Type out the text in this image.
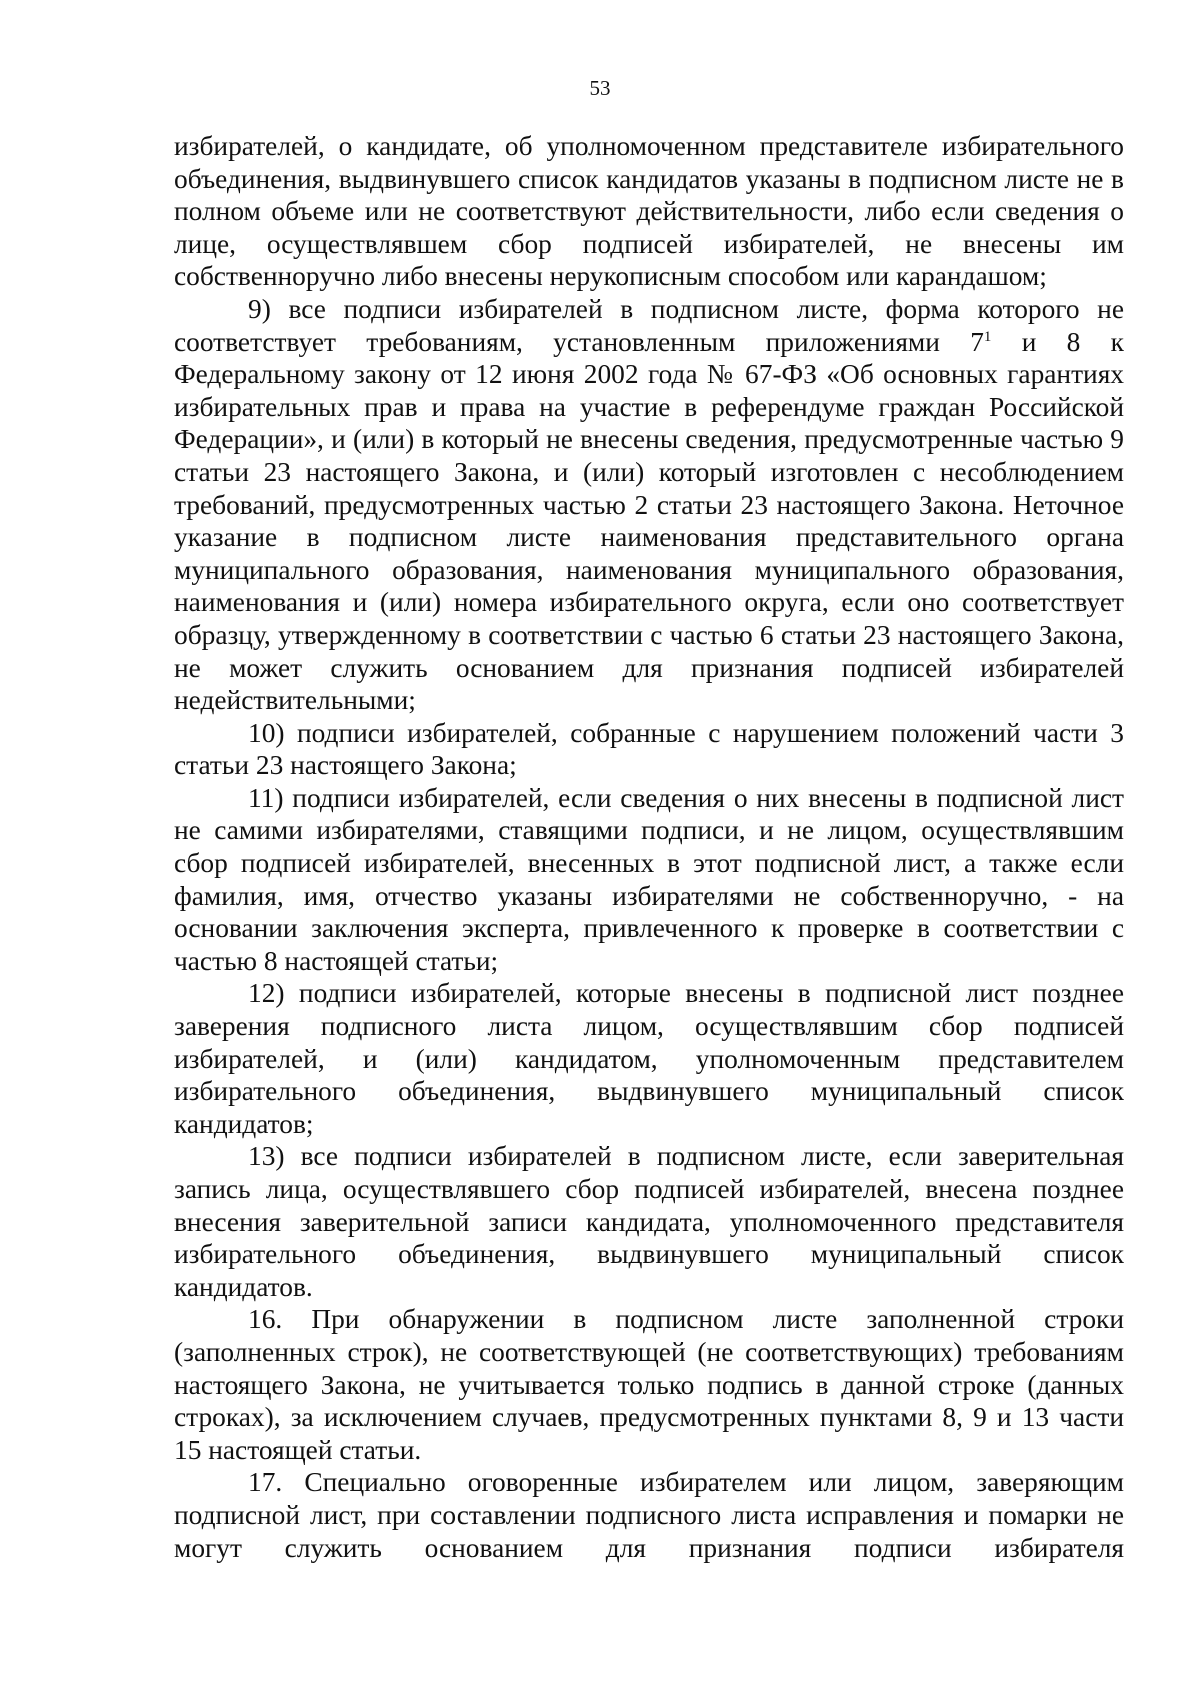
53

избирателей, о кандидате, об уполномоченном представителе избирательного объединения, выдвинувшего список кандидатов указаны в подписном листе не в полном объеме или не соответствуют действительности, либо если сведения о лице, осуществлявшем сбор подписей избирателей, не внесены им собственноручно либо внесены нерукописным способом или карандашом;

9) все подписи избирателей в подписном листе, форма которого не соответствует требованиям, установленным приложениями $7^1$ и 8 к Федеральному закону от 12 июня 2002 года № 67-ФЗ «Об основных гарантиях избирательных прав и права на участие в референдуме граждан Российской Федерации», и (или) в который не внесены сведения, предусмотренные частью 9 статьи 23 настоящего Закона, и (или) который изготовлен с несоблюдением требований, предусмотренных частью 2 статьи 23 настоящего Закона. Неточное указание в подписном листе наименования представительного органа муниципального образования, наименования муниципального образования, наименования и (или) номера избирательного округа, если оно соответствует образцу, утвержденному в соответствии с частью 6 статьи 23 настоящего Закона, не может служить основанием для признания подписей избирателей недействительными;

10) подписи избирателей, собранные с нарушением положений части 3 статьи 23 настоящего Закона;

11) подписи избирателей, если сведения о них внесены в подписной лист не самими избирателями, ставящими подписи, и не лицом, осуществлявшим сбор подписей избирателей, внесенных в этот подписной лист, а также если фамилия, имя, отчество указаны избирателями не собственноручно, - на основании заключения эксперта, привлеченного к проверке в соответствии с частью 8 настоящей статьи;

12) подписи избирателей, которые внесены в подписной лист позднее заверения подписного листа лицом, осуществлявшим сбор подписей избирателей, и (или) кандидатом, уполномоченным представителем избирательного объединения, выдвинувшего муниципальный список кандидатов;

13) все подписи избирателей в подписном листе, если заверительная запись лица, осуществлявшего сбор подписей избирателей, внесена позднее внесения заверительной записи кандидата, уполномоченного представителя избирательного объединения, выдвинувшего муниципальный список кандидатов.

16. При обнаружении в подписном листе заполненной строки (заполненных строк), не соответствующей (не соответствующих) требованиям настоящего Закона, не учитывается только подпись в данной строке (данных строках), за исключением случаев, предусмотренных пунктами 8, 9 и 13 части 15 настоящей статьи.

17. Специально оговоренные избирателем или лицом, заверяющим подписной лист, при составлении подписного листа исправления и помарки не могут служить основанием для признания подписи избирателя
